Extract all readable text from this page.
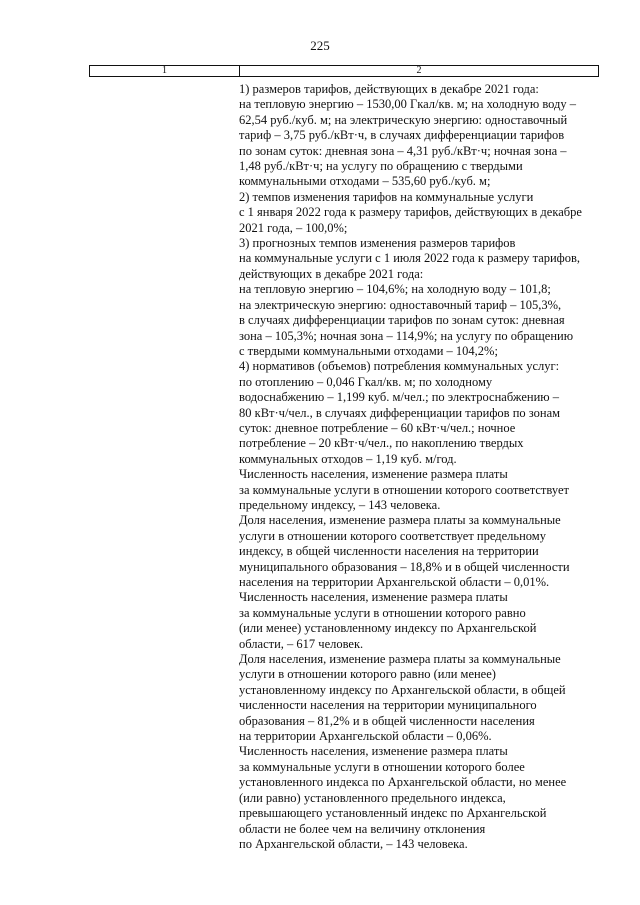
225
1	2

1) размеров тарифов, действующих в декабре 2021 года:

на тепловую энергию – 1530,00 Гкал/кв. м; на холодную воду –

62,54 руб./куб. м; на электрическую энергию: одноставочный

тариф – 3,75 руб./кВт·ч, в случаях дифференциации тарифов

по зонам суток: дневная зона – 4,31 руб./кВт·ч; ночная зона –

1,48 руб./кВт·ч; на услугу по обращению с твердыми

коммунальными отходами – 535,60 руб./куб. м;

2) темпов изменения тарифов на коммунальные услуги

с 1 января 2022 года к размеру тарифов, действующих в декабре

2021 года, – 100,0%;

3) прогнозных темпов изменения размеров тарифов

на коммунальные услуги с 1 июля 2022 года к размеру тарифов,

действующих в декабре 2021 года:

на тепловую энергию – 104,6%; на холодную воду – 101,8;

на электрическую энергию: одноставочный тариф – 105,3%,

в случаях дифференциации тарифов по зонам суток: дневная

зона – 105,3%; ночная зона – 114,9%; на услугу по обращению

с твердыми коммунальными отходами – 104,2%;

4) нормативов (объемов) потребления коммунальных услуг:

по отоплению – 0,046 Гкал/кв. м; по холодному

водоснабжению – 1,199 куб. м/чел.; по электроснабжению –

80 кВт·ч/чел., в случаях дифференциации тарифов по зонам

суток: дневное потребление – 60 кВт·ч/чел.; ночное

потребление – 20 кВт·ч/чел., по накоплению твердых

коммунальных отходов – 1,19 куб. м/год.

Численность населения, изменение размера платы

за коммунальные услуги в отношении которого соответствует

предельному индексу, – 143 человека.

Доля населения, изменение размера платы за коммунальные

услуги в отношении которого соответствует предельному

индексу, в общей численности населения на территории

муниципального образования – 18,8% и в общей численности

населения на территории Архангельской области – 0,01%.

Численность населения, изменение размера платы

за коммунальные услуги в отношении которого равно

(или менее) установленному индексу по Архангельской

области, – 617 человек.

Доля населения, изменение размера платы за коммунальные

услуги в отношении которого равно (или менее)

установленному индексу по Архангельской области, в общей

численности населения на территории муниципального

образования – 81,2% и в общей численности населения

на территории Архангельской области – 0,06%.

Численность населения, изменение размера платы

за коммунальные услуги в отношении которого более

установленного индекса по Архангельской области, но менее

(или равно) установленного предельного индекса,

превышающего установленный индекс по Архангельской

области не более чем на величину отклонения

по Архангельской области, – 143 человека.
